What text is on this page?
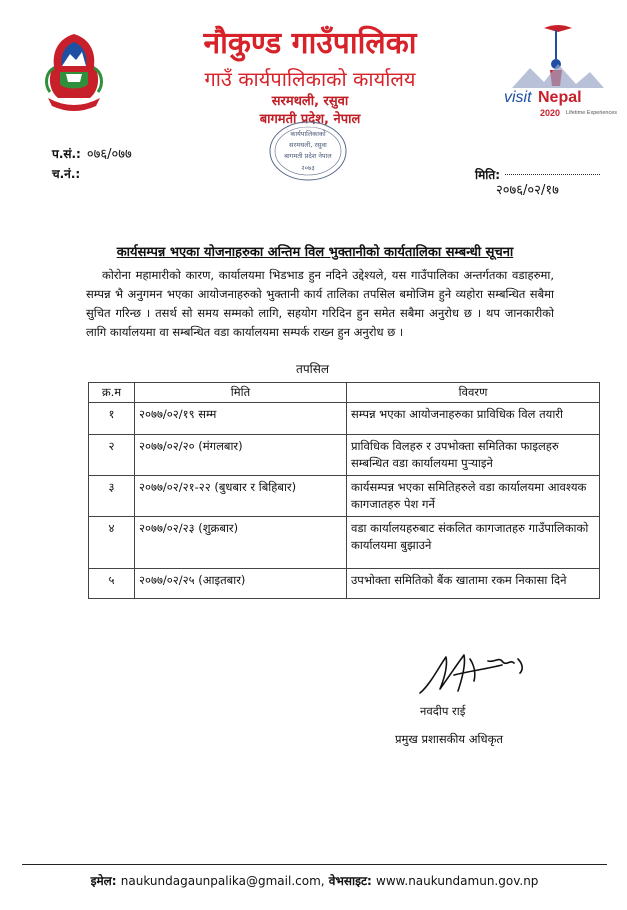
visit Nepal
2020 Lifetime Experiences
नौकुण्ड गाउँपालिका
गाउँ कार्यपालिकाको कार्यालय
सरमथली, रसुवा
बागमती प्रदेश, नेपाल
कार्यपालिकाको
सरमथली, रसुवा
बागमती प्रदेश नेपाल
२०७३
प.सं.: ०७६/०७७
च.नं.:	मिति:
२०७६/०२/१७
कार्यसम्पन्न भएका योजनाहरुका अन्तिम विल भुक्तानीको कार्यतालिका सम्बन्धी सूचना
कोरोना महामारीको कारण, कार्यालयमा भिडभाड हुन नदिने उद्देश्यले, यस गाउँपालिका अन्तर्गतका वडाहरुमा, सम्पन्न भै अनुगमन भएका आयोजनाहरुको भुक्तानी कार्य तालिका तपसिल बमोजिम हुने व्यहोरा सम्बन्धित सबैमा सुचित गरिन्छ । तसर्थ सो समय सम्मको लागि, सहयोग गरिदिन हुन समेत सबैमा अनुरोध छ । थप जानकारीको लागि कार्यालयमा वा सम्बन्धित वडा कार्यालयमा सम्पर्क राख्न हुन अनुरोध छ ।
तपसिल
क्र.म	मिति	विवरण
१	२०७७/०२/१९ सम्म	सम्पन्न भएका आयोजनाहरुका प्राविधिक विल तयारी
२	२०७७/०२/२० (मंगलबार)	प्राविधिक विलहरु र उपभोक्ता समितिका फाइलहरु सम्बन्धित वडा कार्यालयमा पुऱ्याइने
३	२०७७/०२/२१-२२ (बुधबार र बिहिबार)	कार्यसम्पन्न भएका समितिहरुले वडा कार्यालयमा आवश्यक कागजातहरु पेश गर्ने
४	२०७७/०२/२३ (शुक्रबार)	वडा कार्यालयहरुबाट संकलित कागजातहरु गाउँपालिकाको कार्यालयमा बुझाउने
५	२०७७/०२/२५ (आइतबार)	उपभोक्ता समितिको बैंक खातामा रकम निकासा दिने
नवदीप राई
प्रमुख प्रशासकीय अधिकृत
इमेल: naukundagaunpalika@gmail.com, वेभसाइट: www.naukundamun.gov.np
